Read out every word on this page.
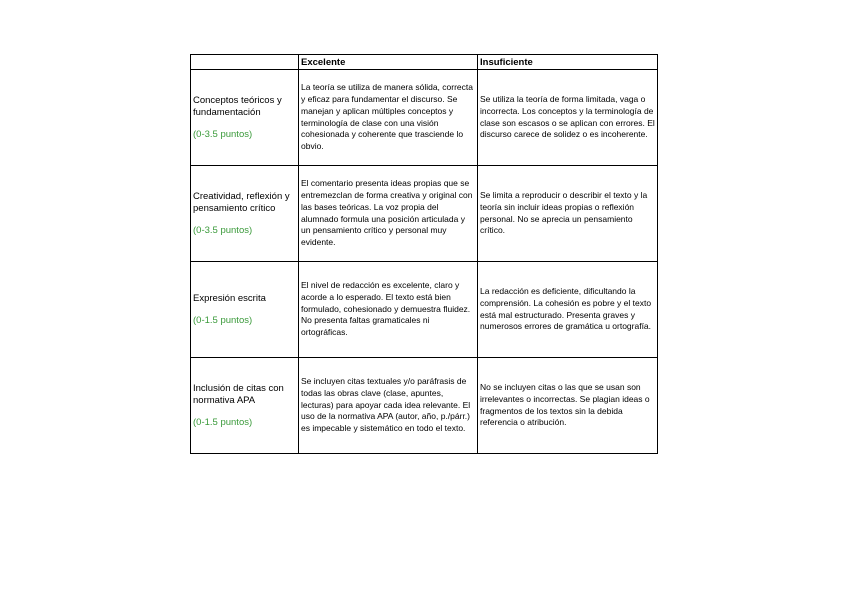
	Excelente	Insuficiente

Conceptos teóricos y fundamentación
(0-3.5 puntos)	La teoría se utiliza de manera sólida, correcta y eficaz para fundamentar el discurso. Se manejan y aplican múltiples conceptos y terminología de clase con una visión cohesionada y coherente que trasciende lo obvio.	Se utiliza la teoría de forma limitada, vaga o incorrecta. Los conceptos y la terminología de clase son escasos o se aplican con errores. El discurso carece de solidez o es incoherente.

Creatividad, reflexión y pensamiento crítico
(0-3.5 puntos)	El comentario presenta ideas propias que se entremezclan de forma creativa y original con las bases teóricas. La voz propia del alumnado formula una posición articulada y un pensamiento crítico y personal muy evidente.	Se limita a reproducir o describir el texto y la teoría sin incluir ideas propias o reflexión personal. No se aprecia un pensamiento crítico.

Expresión escrita
(0-1.5 puntos)	El nivel de redacción es excelente, claro y acorde a lo esperado. El texto está bien formulado, cohesionado y demuestra fluidez. No presenta faltas gramaticales ni ortográficas.	La redacción es deficiente, dificultando la comprensión. La cohesión es pobre y el texto está mal estructurado. Presenta graves y numerosos errores de gramática u ortografía.

Inclusión de citas con normativa APA
(0-1.5 puntos)	Se incluyen citas textuales y/o paráfrasis de todas las obras clave (clase, apuntes, lecturas) para apoyar cada idea relevante. El uso de la normativa APA (autor, año, p./párr.) es impecable y sistemático en todo el texto.	No se incluyen citas o las que se usan son irrelevantes o incorrectas. Se plagian ideas o fragmentos de los textos sin la debida referencia o atribución.
